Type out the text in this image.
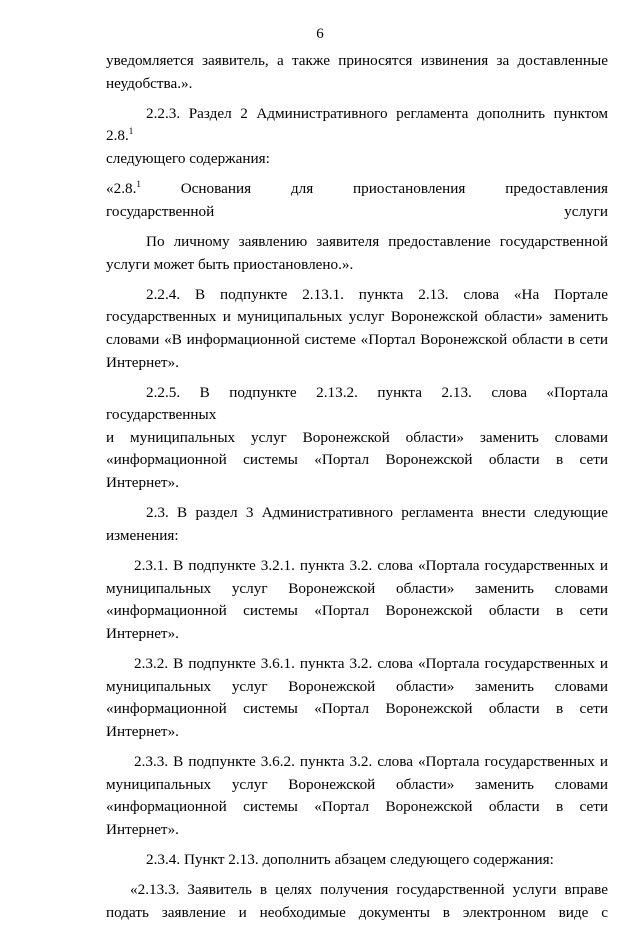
6
уведомляется заявитель, а также приносятся извинения за доставленные
неудобства.».
2.2.3. Раздел 2 Административного регламента дополнить пунктом 2.8.$^1$
следующего содержания:
«2.8.$^1$ Основания для приостановления предоставления
государственной услуги
По личному заявлению заявителя предоставление государственной
услуги может быть приостановлено.».
2.2.4. В подпункте 2.13.1. пункта 2.13. слова «На Портале
государственных и муниципальных услуг Воронежской области» заменить
словами «В информационной системе «Портал Воронежской области в сети
Интернет».
2.2.5. В подпункте 2.13.2. пункта 2.13. слова «Портала государственных
и муниципальных услуг Воронежской области» заменить словами
«информационной системы «Портал Воронежской области в сети Интернет».
2.3. В раздел 3 Административного регламента внести следующие
изменения:
2.3.1. В подпункте 3.2.1. пункта 3.2. слова «Портала государственных и
муниципальных услуг Воронежской области» заменить словами
«информационной системы «Портал Воронежской области в сети Интернет».
2.3.2. В подпункте 3.6.1. пункта 3.2. слова «Портала государственных и
муниципальных услуг Воронежской области» заменить словами
«информационной системы «Портал Воронежской области в сети Интернет».
2.3.3. В подпункте 3.6.2. пункта 3.2. слова «Портала государственных и
муниципальных услуг Воронежской области» заменить словами
«информационной системы «Портал Воронежской области в сети Интернет».
2.3.4. Пункт 2.13. дополнить абзацем следующего содержания:
«2.13.3. Заявитель в целях получения государственной услуги вправе
подать заявление и необходимые документы в электронном виде с
